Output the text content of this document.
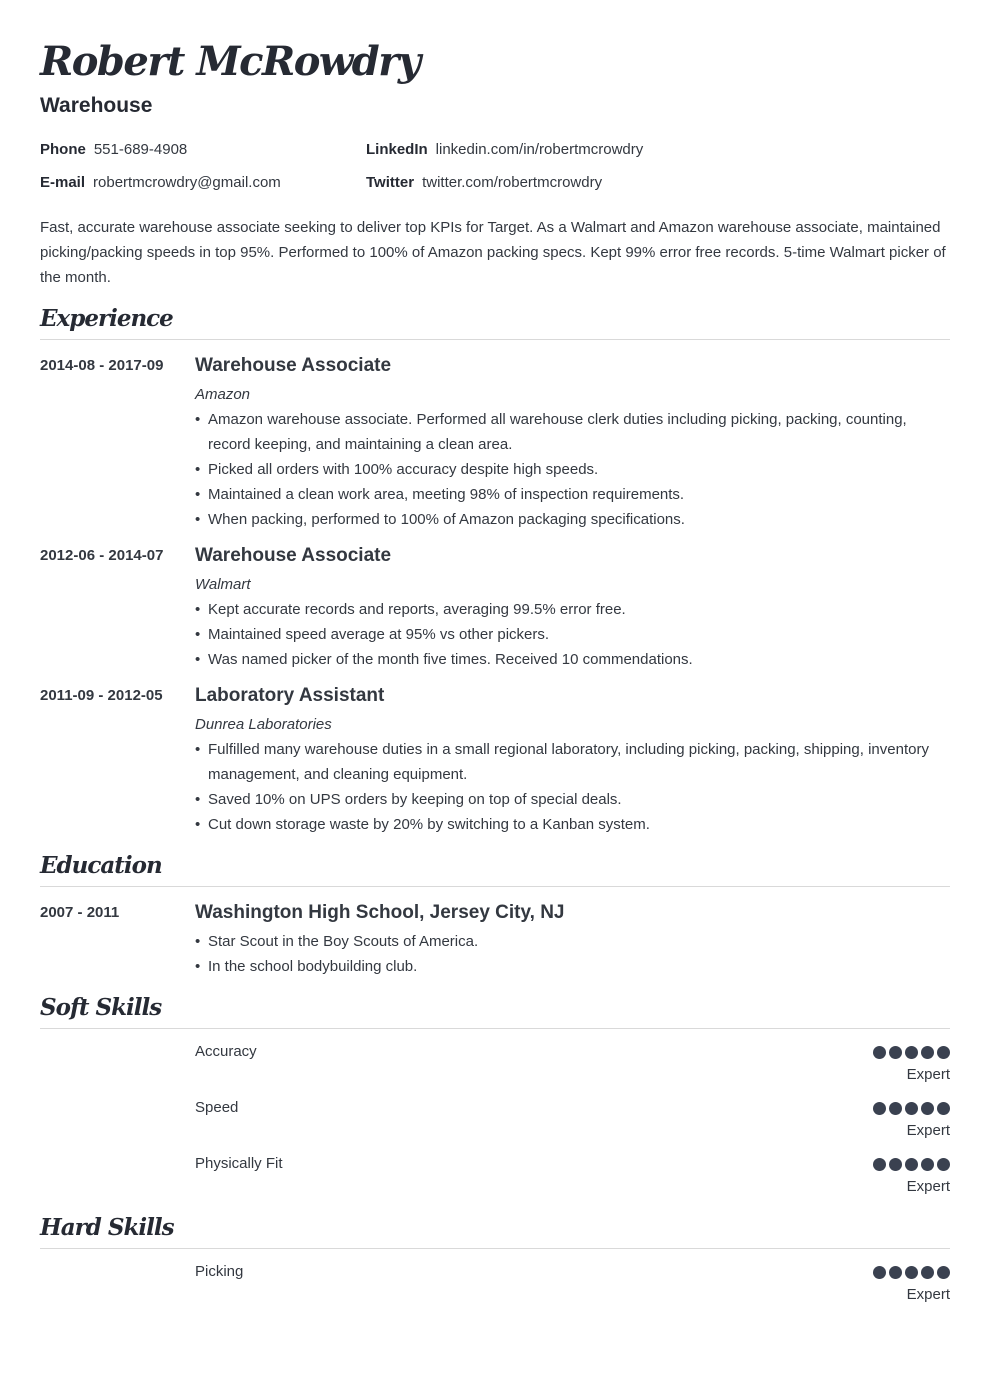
Robert McRowdry
Warehouse
Phone 551-689-4908
E-mail robertmcrowdry@gmail.com
LinkedIn linkedin.com/in/robertmcrowdry
Twitter twitter.com/robertmcrowdry
Fast, accurate warehouse associate seeking to deliver top KPIs for Target. As a Walmart and Amazon warehouse associate, maintained picking/packing speeds in top 95%. Performed to 100% of Amazon packing specs. Kept 99% error free records. 5-time Walmart picker of the month.
Experience
2014-08 - 2017-09 Warehouse Associate
Amazon
• Amazon warehouse associate. Performed all warehouse clerk duties including picking, packing, counting, record keeping, and maintaining a clean area.
• Picked all orders with 100% accuracy despite high speeds.
• Maintained a clean work area, meeting 98% of inspection requirements.
• When packing, performed to 100% of Amazon packaging specifications.
2012-06 - 2014-07 Warehouse Associate
Walmart
• Kept accurate records and reports, averaging 99.5% error free.
• Maintained speed average at 95% vs other pickers.
• Was named picker of the month five times. Received 10 commendations.
2011-09 - 2012-05 Laboratory Assistant
Dunrea Laboratories
• Fulfilled many warehouse duties in a small regional laboratory, including picking, packing, shipping, inventory management, and cleaning equipment.
• Saved 10% on UPS orders by keeping on top of special deals.
• Cut down storage waste by 20% by switching to a Kanban system.
Education
2007 - 2011	Washington High School, Jersey City, NJ
• Star Scout in the Boy Scouts of America.
• In the school bodybuilding club.
Soft Skills
Accuracy
Expert
Speed
Expert
Physically Fit
Expert
Hard Skills
Picking
Expert
